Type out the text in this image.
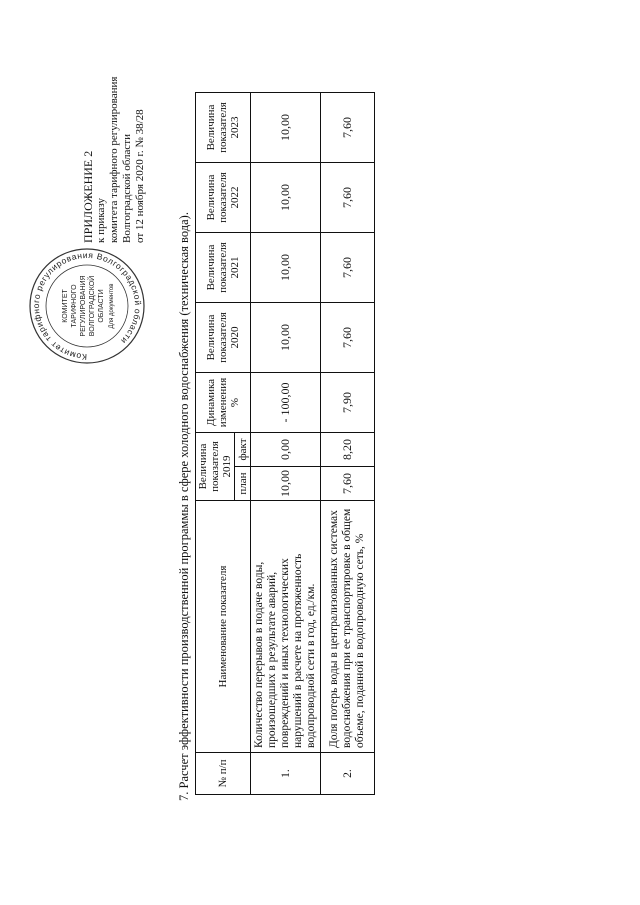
Комитет тарифного регулирования Волгоградской области
КОМИТЕТ ТАРИФНОГО РЕГУЛИРОВАНИЯ ВОЛГОГРАДСКОЙ ОБЛАСТИ Для документов
ПРИЛОЖЕНИЕ 2 к приказу комитета тарифного регулирования Волгоградской области от 12 ноября 2020 г. № 38/28
7. Расчет эффективности производственной программы в сфере холодного водоснабжения (техническая вода). № п/п	Наименование показателя	Величина показателя 2019		Динамика изменения %	Величина показателя 2020	Величина показателя 2021	Величина показателя 2022	Величина показателя 2023
		план	факт					
1.	Количество перерывов в подаче воды, произошедших в результате аварий, повреждений и иных технологических нарушений в расчете на протяженность водопроводной сети в год, ед./км.	10,00	0,00	- 100,00	10,00	10,00	10,00	10,00
2.	Доля потерь воды в централизованных системах водоснабжения при ее транспортировке в общем объеме, поданной в водопроводную сеть, %	7,60	8,20	7,90	7,60	7,60	7,60	7,60
